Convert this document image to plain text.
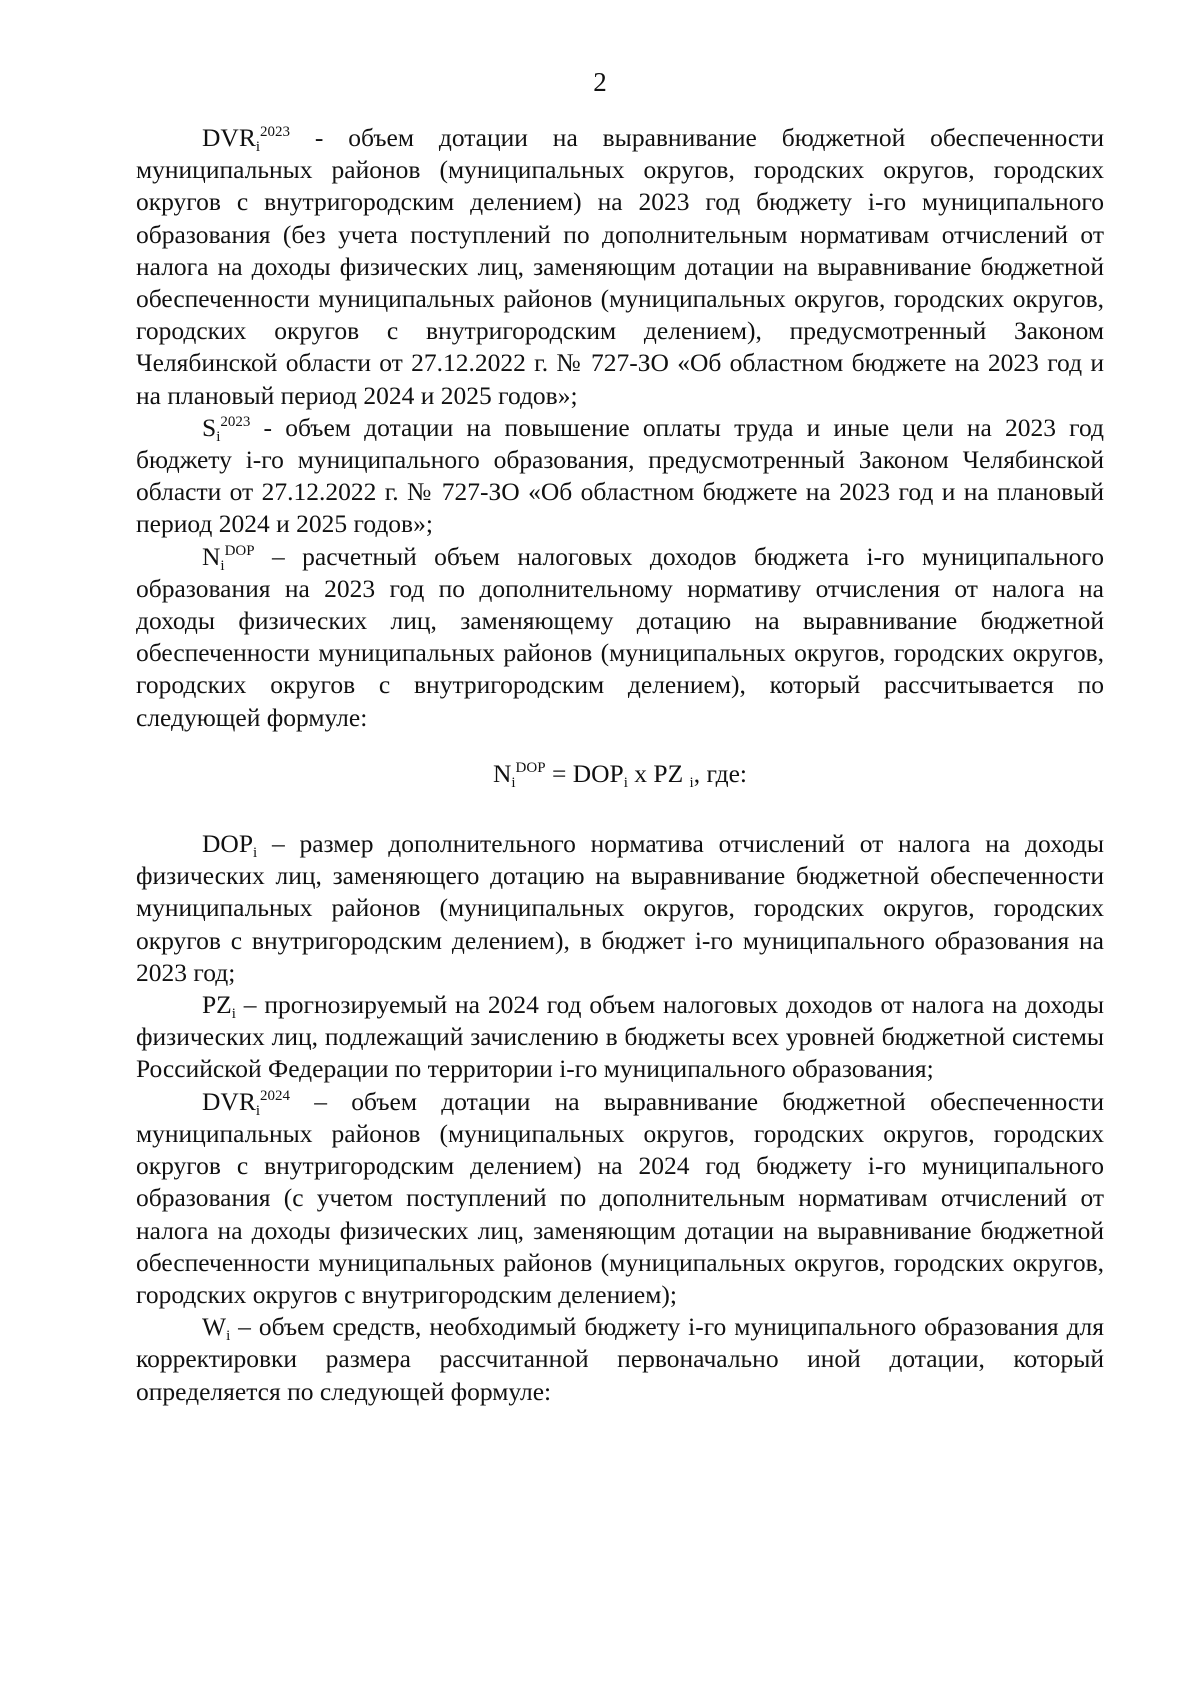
2

$DVR_i^{2023}$ - объем дотации на выравнивание бюджетной обеспеченности муниципальных районов (муниципальных округов, городских округов, городских округов с внутригородским делением) на 2023 год бюджету i-го муниципального образования (без учета поступлений по дополнительным нормативам отчислений от налога на доходы физических лиц, заменяющим дотации на выравнивание бюджетной обеспеченности муниципальных районов (муниципальных округов, городских округов, городских округов с внутригородским делением), предусмотренный Законом Челябинской области от 27.12.2022 г. № 727-ЗО «Об областном бюджете на 2023 год и на плановый период 2024 и 2025 годов»;

$S_i^{2023}$ - объем дотации на повышение оплаты труда и иные цели на 2023 год бюджету i-го муниципального образования, предусмотренный Законом Челябинской области от 27.12.2022 г. № 727-ЗО «Об областном бюджете на 2023 год и на плановый период 2024 и 2025 годов»;

$N_i^{DOP}$ – расчетный объем налоговых доходов бюджета i-го муниципального образования на 2023 год по дополнительному нормативу отчисления от налога на доходы физических лиц, заменяющему дотацию на выравнивание бюджетной обеспеченности муниципальных районов (муниципальных округов, городских округов, городских округов с внутригородским делением), который рассчитывается по следующей формуле:

$N_i^{DOP} = DOP_i$ x PZ $_i$, где:

$DOP_i$ – размер дополнительного норматива отчислений от налога на доходы физических лиц, заменяющего дотацию на выравнивание бюджетной обеспеченности муниципальных районов (муниципальных округов, городских округов, городских округов с внутригородским делением), в бюджет i-го муниципального образования на 2023 год;

$PZ_i$ – прогнозируемый на 2024 год объем налоговых доходов от налога на доходы физических лиц, подлежащий зачислению в бюджеты всех уровней бюджетной системы Российской Федерации по территории i-го муниципального образования;

$DVR_i^{2024}$ – объем дотации на выравнивание бюджетной обеспеченности муниципальных районов (муниципальных округов, городских округов, городских округов с внутригородским делением) на 2024 год бюджету i-го муниципального образования (с учетом поступлений по дополнительным нормативам отчислений от налога на доходы физических лиц, заменяющим дотации на выравнивание бюджетной обеспеченности муниципальных районов (муниципальных округов, городских округов, городских округов с внутригородским делением);

$W_i$ – объем средств, необходимый бюджету i-го муниципального образования для корректировки размера рассчитанной первоначально иной дотации, который определяется по следующей формуле:
